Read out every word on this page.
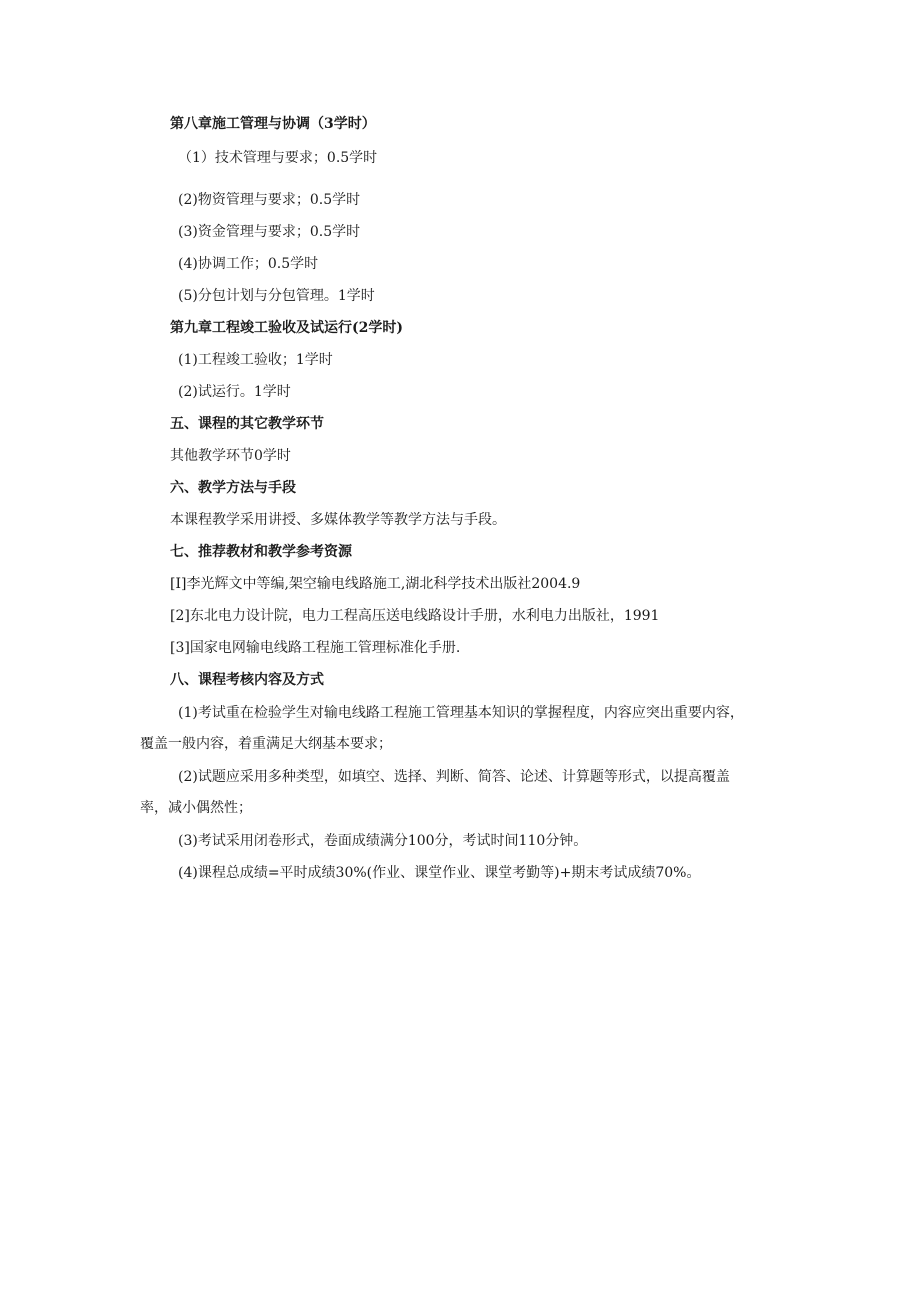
第八章施工管理与协调（3学时）
（1）技术管理与要求；0.5学时
(2)物资管理与要求；0.5学时
(3)资金管理与要求；0.5学时
(4)协调工作；0.5学时
(5)分包计划与分包管理。1学时
第九章工程竣工验收及试运行(2学时)
(1)工程竣工验收；1学时
(2)试运行。1学时
五、课程的其它教学环节
其他教学环节0学时
六、教学方法与手段
本课程教学采用讲授、多媒体教学等教学方法与手段。
七、推荐教材和教学参考资源
[I]李光辉文中等编,架空输电线路施工,湖北科学技术出版社2004.9
[2]东北电力设计院，电力工程高压送电线路设计手册，水利电力出版社，1991
[3]国家电网输电线路工程施工管理标准化手册.
八、课程考核内容及方式
(1)考试重在检验学生对输电线路工程施工管理基本知识的掌握程度，内容应突出重要内容，
覆盖一般内容，着重满足大纲基本要求；
(2)试题应采用多种类型，如填空、选择、判断、简答、论述、计算题等形式，以提高覆盖
率，减小偶然性；
(3)考试采用闭卷形式，卷面成绩满分100分，考试时间110分钟。
(4)课程总成绩=平时成绩30%(作业、课堂作业、课堂考勤等)+期末考试成绩70%。
